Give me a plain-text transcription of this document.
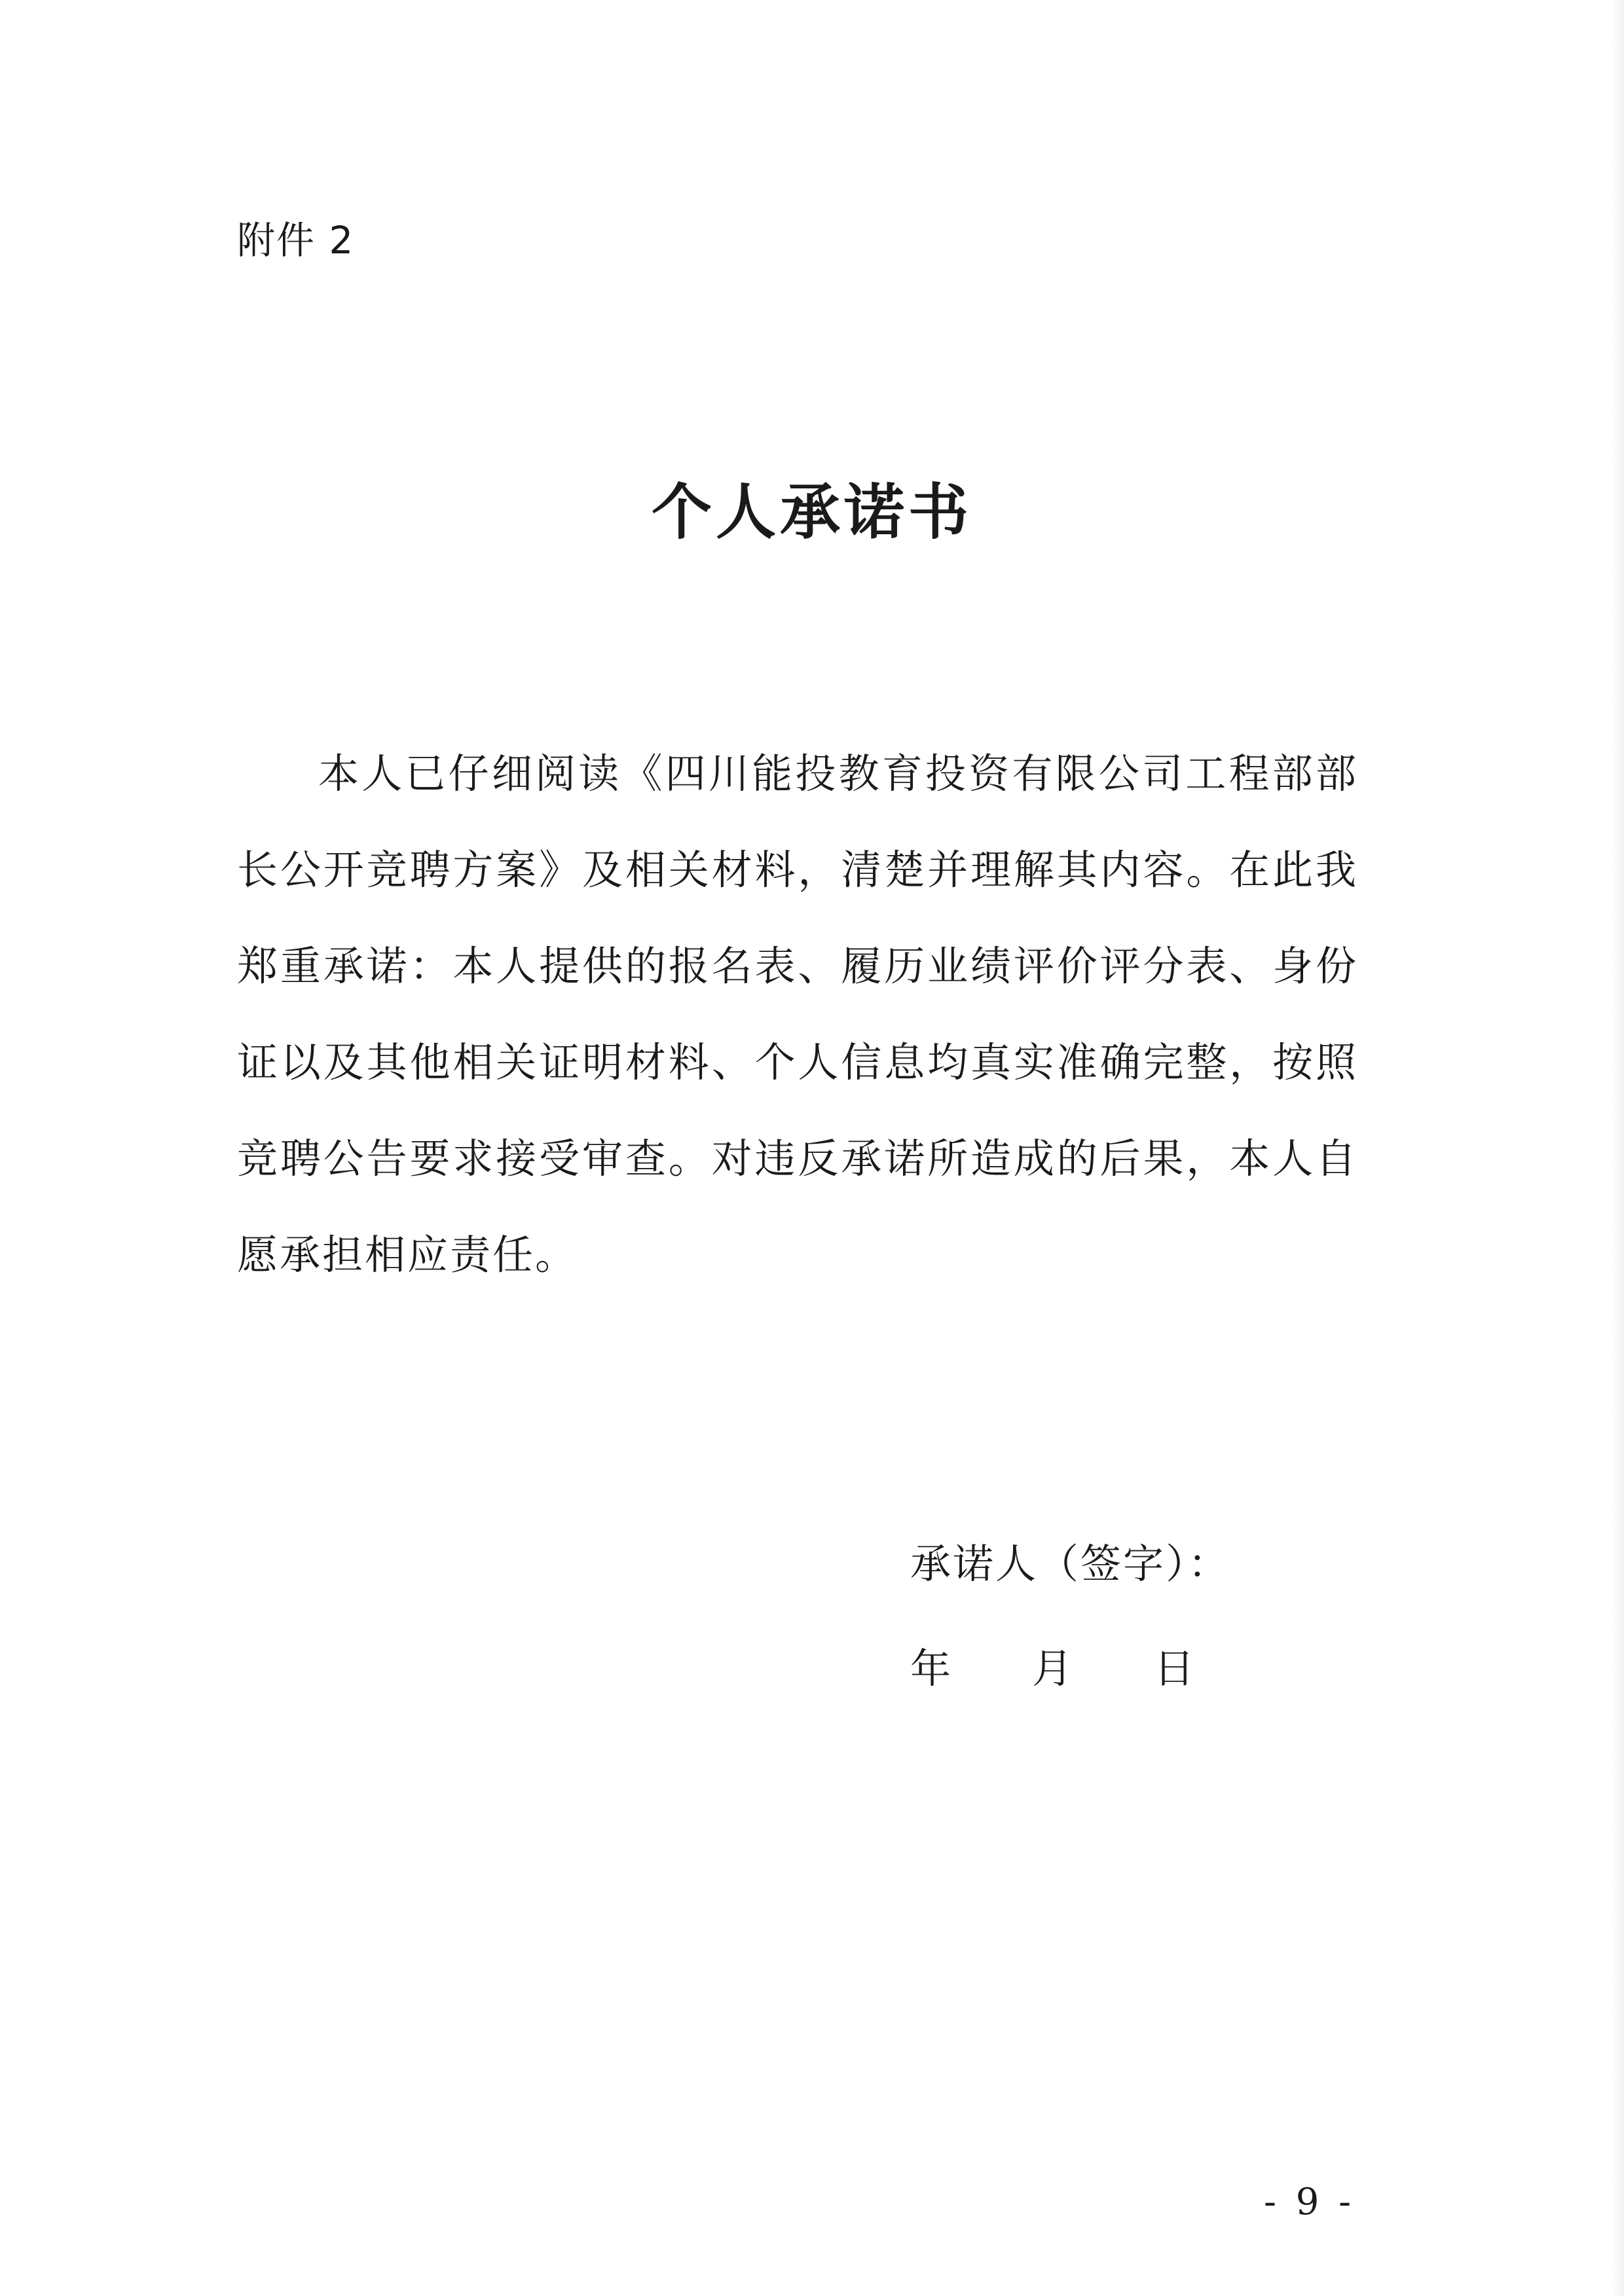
附件 2
个人承诺书

本人已仔细阅读《四川能投教育投资有限公司工程部部长公开竞聘方案》及相关材料，清楚并理解其内容。在此我郑重承诺：本人提供的报名表、履历业绩评价评分表、身份证以及其他相关证明材料、个人信息均真实准确完整，按照竞聘公告要求接受审查。对违反承诺所造成的后果，本人自愿承担相应责任。

承诺人（签字）：
年 月 日
- 9 -
